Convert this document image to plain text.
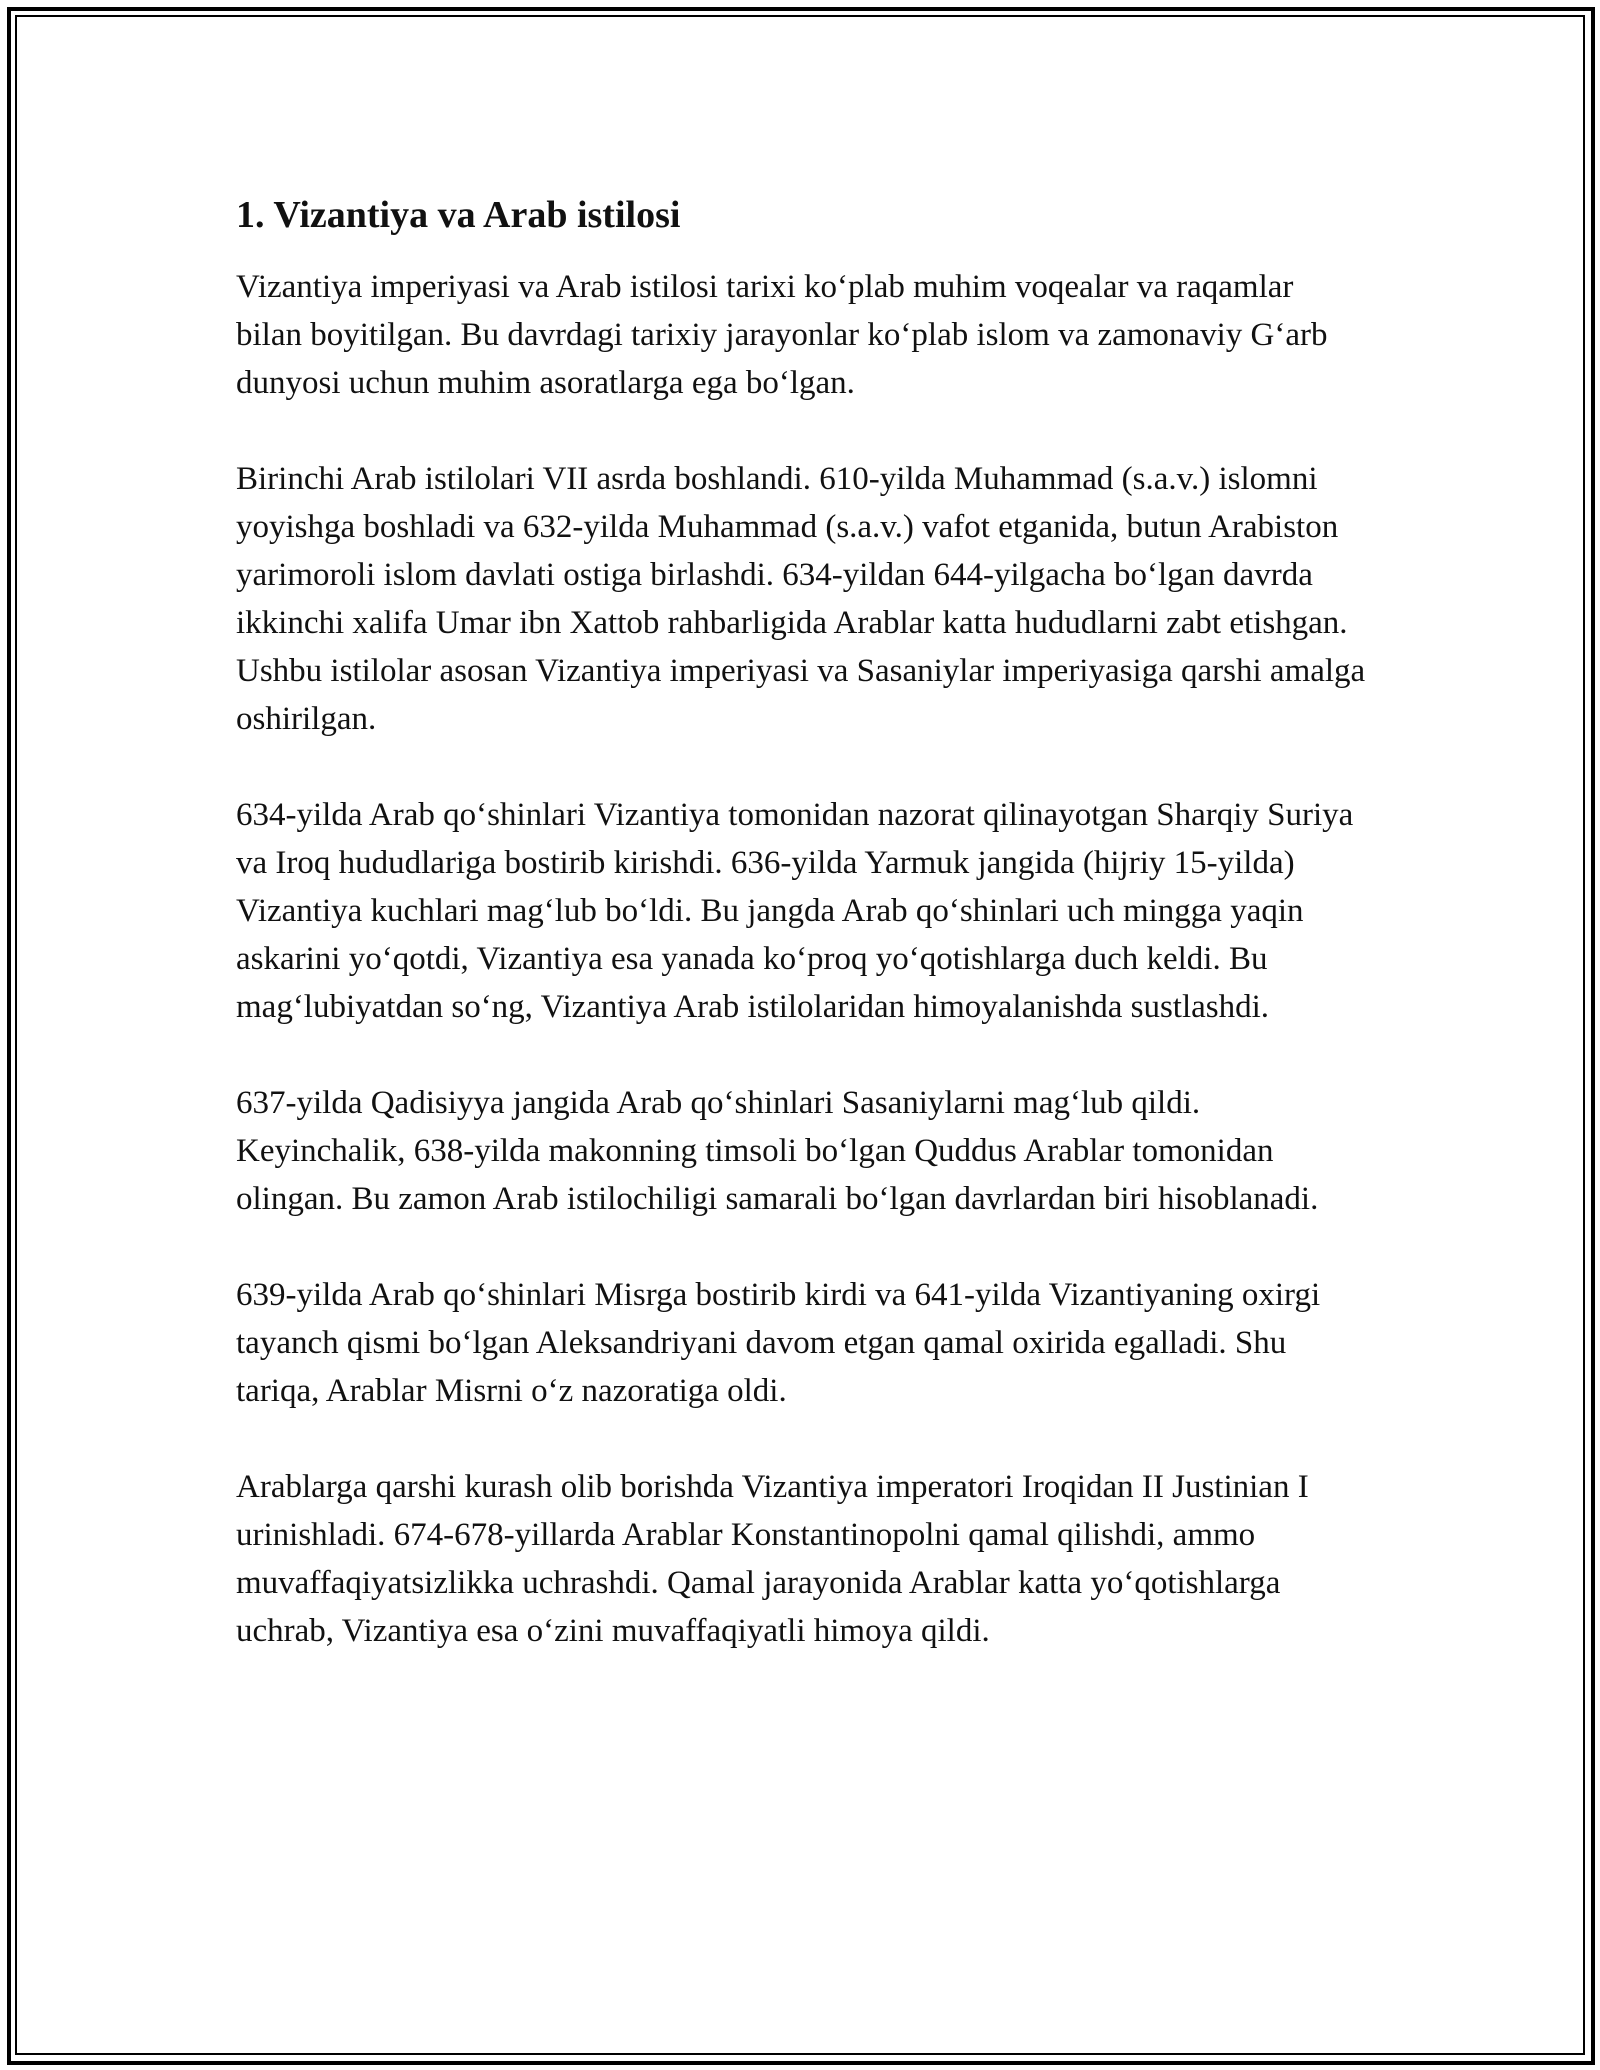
1. Vizantiya va Arab istilosi

Vizantiya imperiyasi va Arab istilosi tarixi koʻplab muhim voqealar va raqamlar bilan boyitilgan. Bu davrdagi tarixiy jarayonlar koʻplab islom va zamonaviy Gʻarb dunyosi uchun muhim asoratlarga ega boʻlgan.

Birinchi Arab istilolari VII asrda boshlandi. 610-yilda Muhammad (s.a.v.) islomni yoyishga boshladi va 632-yilda Muhammad (s.a.v.) vafot etganida, butun Arabiston yarimoroli islom davlati ostiga birlashdi. 634-yildan 644-yilgacha boʻlgan davrda ikkinchi xalifa Umar ibn Xattob rahbarligida Arablar katta hududlarni zabt etishgan. Ushbu istilolar asosan Vizantiya imperiyasi va Sasaniylar imperiyasiga qarshi amalga oshirilgan.

634-yilda Arab qoʻshinlari Vizantiya tomonidan nazorat qilinayotgan Sharqiy Suriya va Iroq hududlariga bostirib kirishdi. 636-yilda Yarmuk jangida (hijriy 15-yilda) Vizantiya kuchlari magʻlub boʻldi. Bu jangda Arab qoʻshinlari uch mingga yaqin askarini yoʻqotdi, Vizantiya esa yanada koʻproq yoʻqotishlarga duch keldi. Bu magʻlubiyatdan soʻng, Vizantiya Arab istilolaridan himoyalanishda sustlashdi.

637-yilda Qadisiyya jangida Arab qoʻshinlari Sasaniylarni magʻlub qildi. Keyinchalik, 638-yilda makonning timsoli boʻlgan Quddus Arablar tomonidan olingan. Bu zamon Arab istilochiligi samarali boʻlgan davrlardan biri hisoblanadi.

639-yilda Arab qoʻshinlari Misrga bostirib kirdi va 641-yilda Vizantiyaning oxirgi tayanch qismi boʻlgan Aleksandriyani davom etgan qamal oxirida egalladi. Shu tariqa, Arablar Misrni oʻz nazoratiga oldi.

Arablarga qarshi kurash olib borishda Vizantiya imperatori Iroqidan II Justinian I urinishladi. 674-678-yillarda Arablar Konstantinopolni qamal qilishdi, ammo muvaffaqiyatsizlikka uchrashdi. Qamal jarayonida Arablar katta yoʻqotishlarga uchrab, Vizantiya esa oʻzini muvaffaqiyatli himoya qildi.
